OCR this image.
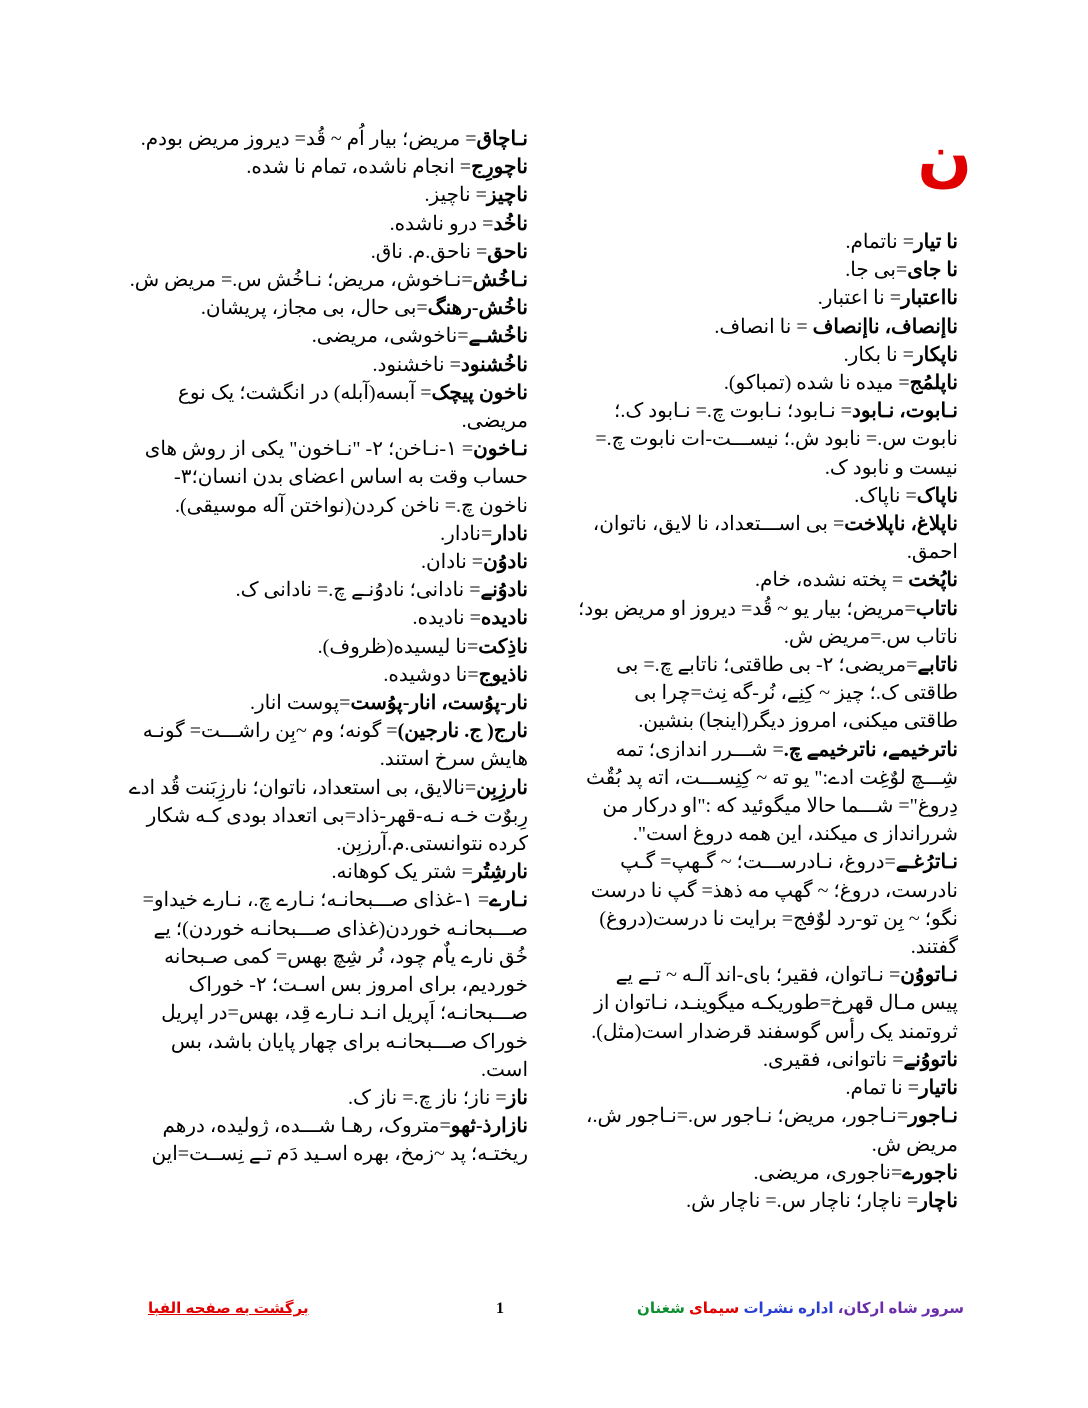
ن

نا تیار= ناتمام.

نا جای=بی جا.

نااعتبار= نا اعتبار.

ناإنصاف، ناإنصاف = نا انصاف.

ناپکار= نا بکار.

ناپلمُج= میده نا شده (تمباکو).

نـابوت، نـابود= نـابود؛ نـابوت چ.= نـابود ک.؛ نابوت س.= نابود ش.؛ نیســـت-ات نابوت چ.= نیست و نابود ک.

ناپاک= ناپاک.

ناپلاغ، ناپلاخت= بی اســـتعداد، نا لایق، ناتوان، احمق.

ناپُخت = پخته نشده، خام.

ناتاب=مریض؛ بیار یو ~ قُد= دیروز او مریض بود؛ ناتاب س.=مریض ش.

ناتابے=مریضی؛ ۲- بی طاقتی؛ ناتابے چ.= بی طاقتی ک.؛ چیز ~ کِنِے، نُر-گه نِث=چرا بی طاقتی میکنی، امروز دیگر(اینجا) بنشین.

ناترخیمے، ناترخیمے چ.= شـــرر اندازی؛ تمه شِـــچ لوٌغِت ادے:" یو ته ~ کِنِســـت، اته پد بُقٌث دِروغ"= شـــما حالا میگوئید که :"او درکار من شررانداز ی میکند، این همه دروغ است".

نـاترُغـے=دروغ، نـادرســـت؛ ~ گـهپ= گـپ نادرست، دروغ؛ ~ گهپ مه ذهذ= گپ نا درست نگو؛ ~ بِن تو-رد لوٌفج= برایت نا درست(دروغ) گفتند.

نـاتووُن= نـاتوان، فقیر؛ بای-اند آلـه ~ تـے یے پیس مـال قهرخ=طوریکـه میگوینـد، نـاتوان از ثروتمند یک رأس گوسفند قرضدار است(مثل).

ناتووُنے= ناتوانی، فقیری.

ناتیار= نا تمام.

نـاجور=نـاجور، مریض؛ نـاجور س.=نـاجور ش.، مریض ش.

ناجورے=ناجوری، مریضی.

ناچار= ناچار؛ ناچار س.= ناچار ش.

نـاچاق= مریض؛ بیار اُم ~ قُد= دیروز مریض بودم.

ناچورِج= انجام ناشده، تمام نا شده.

ناچیز= ناچیز.

ناخُد= درو ناشده.

ناحق= ناحق.م. ناق.

نـاخُش=نـاخوش، مریض؛ نـاخُش س.= مریض ش.

ناخُش-رهنگ=بی حال، بی مجاز، پریشان.

ناخُشـے=ناخوشی، مریضی.

ناخُشنود= ناخشنود.

ناخون پیچک= آبسه(آبله) در انگشت؛ یک نوع مریضی.

نـاخون= ۱-نـاخن؛ ۲- "نـاخون" یکی از روش های حساب وقت به اساس اعضای بدن انسان؛۳- ناخون چ.= ناخن کردن(نواختن آله موسیقی).

نادار=نادار.

نادوُن= نادان.

نادوُنے= نادانی؛ نادوُنـے چ.= نادانی ک.

نادیده= نادیده.

ناذِکت=نا لیسیده(ظروف).

ناذیوج=نا دوشیده.

نار-پوُست، انار-پوُست=پوست انار.

نارج( ج. نارجین)= گونه؛ وم ~بِن راشـــت= گونـه هایش سرخ استند.

نارزِبِن=نالایق، بی استعداد، ناتوان؛ نارزِبَنت قُد ادے رِبوٌت خـه نـه-قهر-ذاد=بی اتعداد بودی کـه شکار کرده نتوانستی.م.آرزبِن.

نارشِتُر= شتر یک کوهانه.

نـارے= ۱-غذای صـــبحانـه؛ نـارے چ.، نـارے خیداو= صـــبحانـه خوردن(غذای صـــبحانـه خوردن)؛ یے خُق نارے یاٌم چود، نُر شِچ بهس= کمی صـبحانه خوردیم، برای امروز بس اسـت؛ ۲- خوراک صـــبحانـه؛ اَپریل انـد نـارے قِد، بهس=در اپریل خوراک صـــبحانـه برای چهار پایان باشد، بس است.

ناز= ناز؛ ناز چ.= ناز ک.

نازارذ-ثهو=متروک، رهـا شـــده، ژولیده، درهم ریختـه؛ پد ~زمخ، بهره اسـید دَم تـے نِســت=این

سرور شاه ارکان، اداره نشرات سیمای شغنان
1
برگشت به صفحه الفبا
